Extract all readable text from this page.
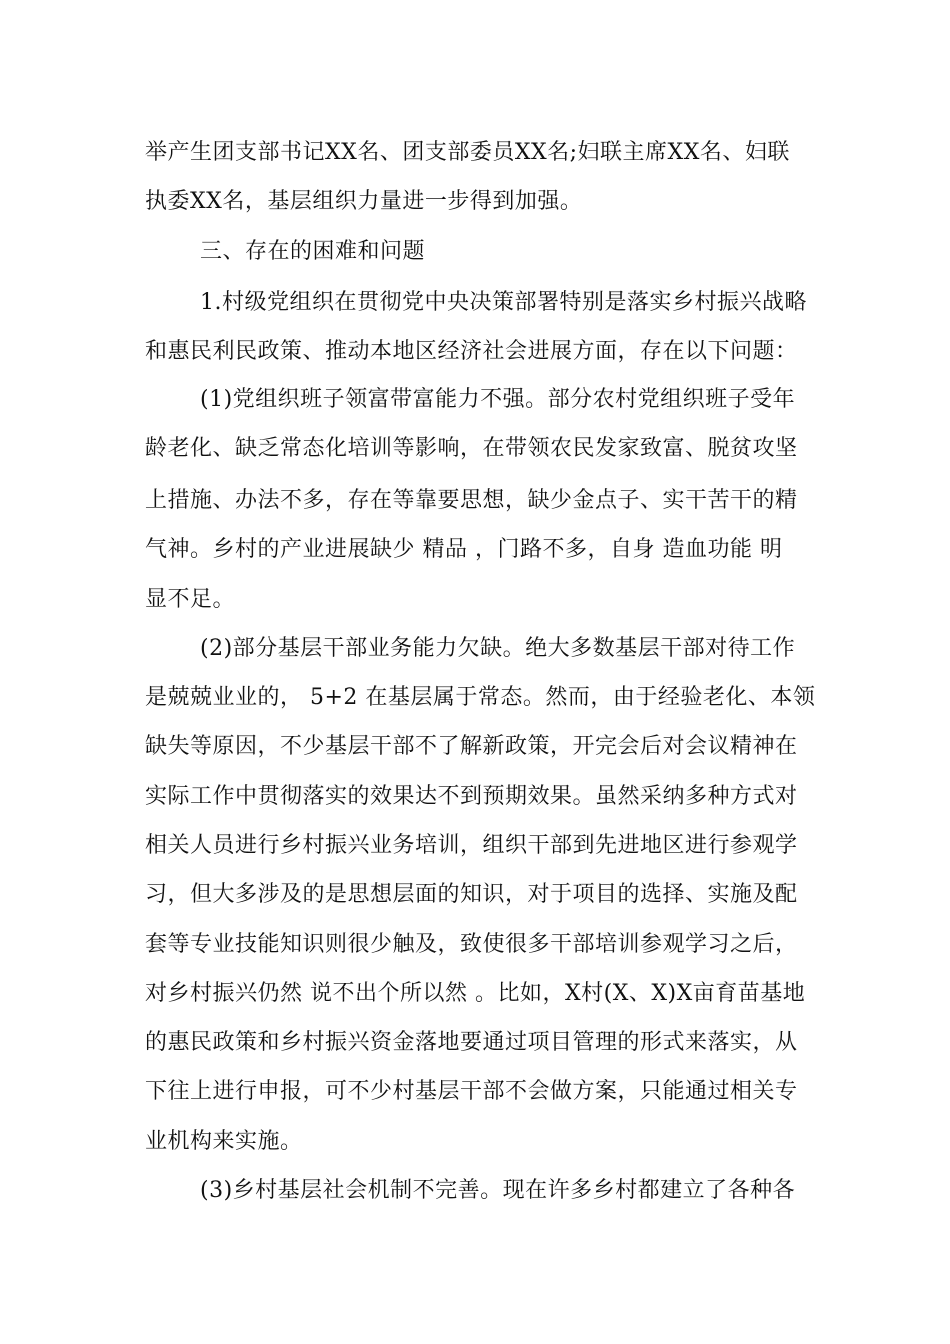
举产生团支部书记XX名、团支部委员XX名;妇联主席XX名、妇联
执委XX名，基层组织力量进一步得到加强。
三、存在的困难和问题
1.村级党组织在贯彻党中央决策部署特别是落实乡村振兴战略
和惠民利民政策、推动本地区经济社会进展方面，存在以下问题：
(1)党组织班子领富带富能力不强。部分农村党组织班子受年
龄老化、缺乏常态化培训等影响，在带领农民发家致富、脱贫攻坚
上措施、办法不多，存在等靠要思想，缺少金点子、实干苦干的精
气神。乡村的产业进展缺少 精品 ，门路不多，自身 造血功能 明
显不足。
(2)部分基层干部业务能力欠缺。绝大多数基层干部对待工作
是兢兢业业的， 5+2 在基层属于常态。然而，由于经验老化、本领
缺失等原因，不少基层干部不了解新政策，开完会后对会议精神在
实际工作中贯彻落实的效果达不到预期效果。虽然采纳多种方式对
相关人员进行乡村振兴业务培训，组织干部到先进地区进行参观学
习，但大多涉及的是思想层面的知识，对于项目的选择、实施及配
套等专业技能知识则很少触及，致使很多干部培训参观学习之后，
对乡村振兴仍然 说不出个所以然 。比如，X村(X、X)X亩育苗基地
的惠民政策和乡村振兴资金落地要通过项目管理的形式来落实，从
下往上进行申报，可不少村基层干部不会做方案，只能通过相关专
业机构来实施。
(3)乡村基层社会机制不完善。现在许多乡村都建立了各种各
